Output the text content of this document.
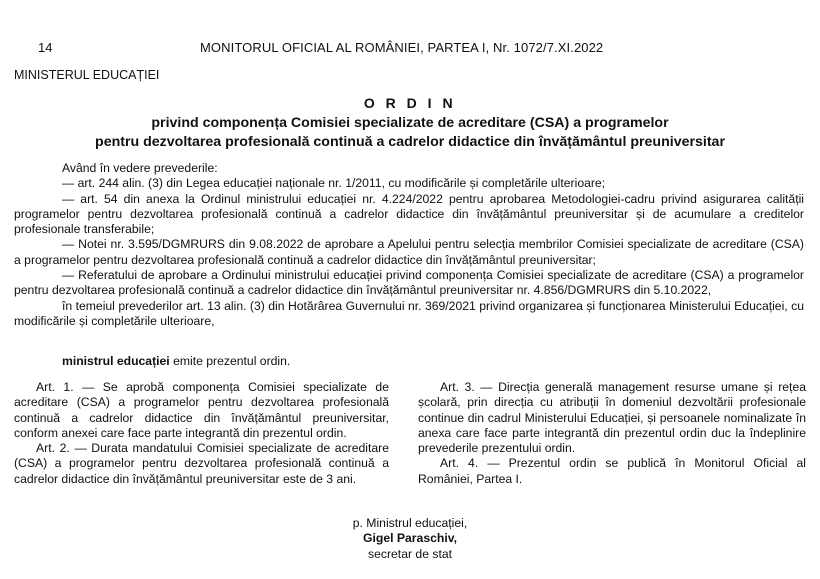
14	MONITORUL OFICIAL AL ROMÂNIEI, PARTEA I, Nr. 1072/7.XI.2022
MINISTERUL EDUCAȚIEI
O R D I N
privind componența Comisiei specializate de acreditare (CSA) a programelor
pentru dezvoltarea profesională continuă a cadrelor didactice din învățământul preuniversitar

Având în vedere prevederile:

— art. 244 alin. (3) din Legea educației naționale nr. 1/2011, cu modificările și completările ulterioare;

— art. 54 din anexa la Ordinul ministrului educației nr. 4.224/2022 pentru aprobarea Metodologiei-cadru privind asigurarea calității programelor pentru dezvoltarea profesională continuă a cadrelor didactice din învățământul preuniversitar și de acumulare a creditelor profesionale transferabile;

— Notei nr. 3.595/DGMRURS din 9.08.2022 de aprobare a Apelului pentru selecția membrilor Comisiei specializate de acreditare (CSA) a programelor pentru dezvoltarea profesională continuă a cadrelor didactice din învățământul preuniversitar;

— Referatului de aprobare a Ordinului ministrului educației privind componența Comisiei specializate de acreditare (CSA) a programelor pentru dezvoltarea profesională continuă a cadrelor didactice din învățământul preuniversitar nr. 4.856/DGMRURS din 5.10.2022,

în temeiul prevederilor art. 13 alin. (3) din Hotărârea Guvernului nr. 369/2021 privind organizarea și funcționarea Ministerului Educației, cu modificările și completările ulterioare,

ministrul educației emite prezentul ordin.

Art. 1. — Se aprobă componența Comisiei specializate de acreditare (CSA) a programelor pentru dezvoltarea profesională continuă a cadrelor didactice din învățământul preuniversitar, conform anexei care face parte integrantă din prezentul ordin.

Art. 2. — Durata mandatului Comisiei specializate de acreditare (CSA) a programelor pentru dezvoltarea profesională continuă a cadrelor didactice din învățământul preuniversitar este de 3 ani.

Art. 3. — Direcția generală management resurse umane și rețea școlară, prin direcția cu atribuții în domeniul dezvoltării profesionale continue din cadrul Ministerului Educației, și persoanele nominalizate în anexa care face parte integrantă din prezentul ordin duc la îndeplinire prevederile prezentului ordin.

Art. 4. — Prezentul ordin se publică în Monitorul Oficial al României, Partea I.

p. Ministrul educației,
Gigel Paraschiv,
secretar de stat
